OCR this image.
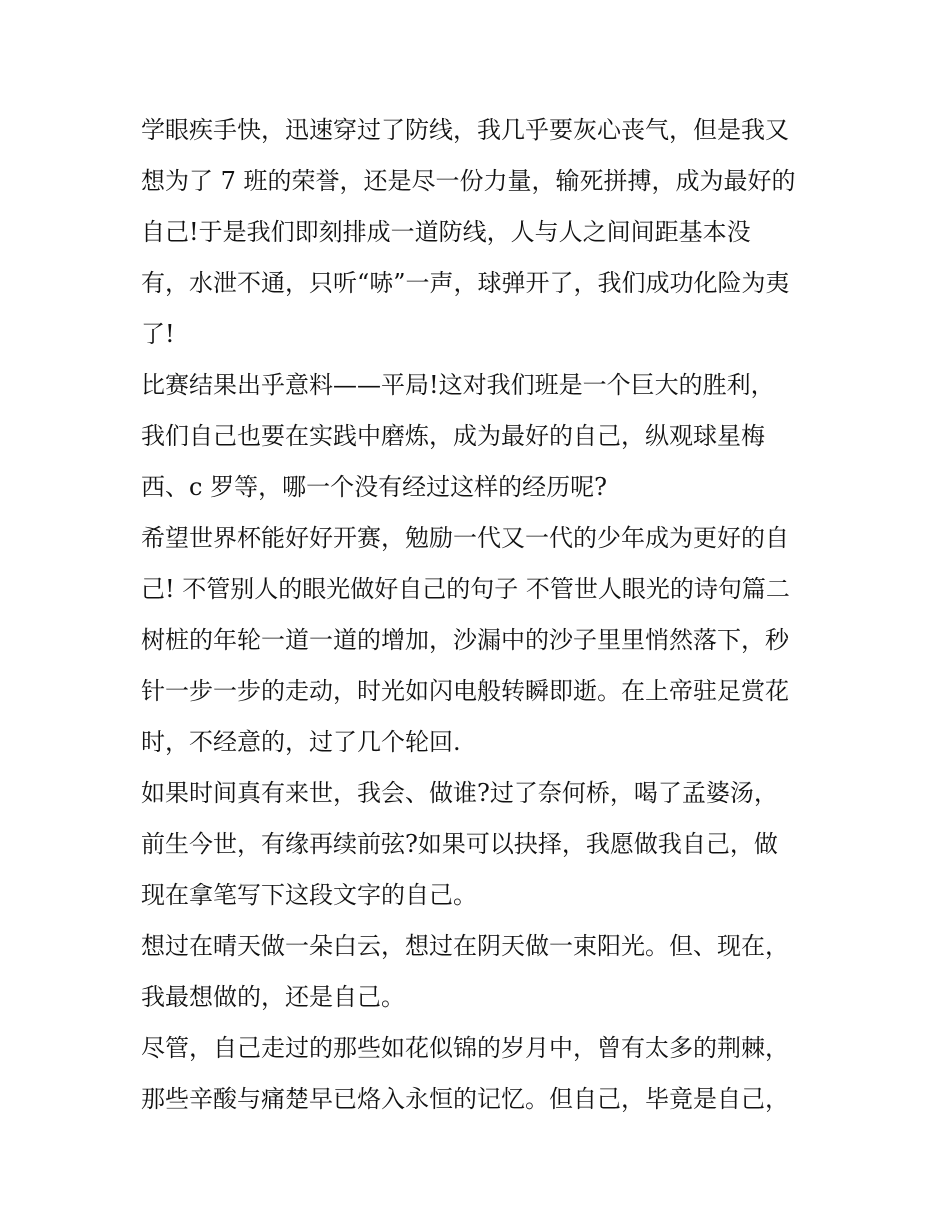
学眼疾手快，迅速穿过了防线，我几乎要灰心丧气，但是我又
想为了 7 班的荣誉，还是尽一份力量，输死拼搏，成为最好的
自己!于是我们即刻排成一道防线，人与人之间间距基本没
有，水泄不通，只听“哧”一声，球弹开了，我们成功化险为夷
了!
比赛结果出乎意料——平局!这对我们班是一个巨大的胜利，
我们自己也要在实践中磨炼，成为最好的自己，纵观球星梅
西、c 罗等，哪一个没有经过这样的经历呢?
希望世界杯能好好开赛，勉励一代又一代的少年成为更好的自
己! 不管别人的眼光做好自己的句子 不管世人眼光的诗句篇二
树桩的年轮一道一道的增加，沙漏中的沙子里里悄然落下，秒
针一步一步的走动，时光如闪电般转瞬即逝。在上帝驻足赏花
时，不经意的，过了几个轮回.
如果时间真有来世，我会、做谁?过了奈何桥，喝了孟婆汤，
前生今世，有缘再续前弦?如果可以抉择，我愿做我自己，做
现在拿笔写下这段文字的自己。
想过在晴天做一朵白云，想过在阴天做一束阳光。但、现在，
我最想做的，还是自己。
尽管，自己走过的那些如花似锦的岁月中，曾有太多的荆棘，
那些辛酸与痛楚早已烙入永恒的记忆。但自己，毕竟是自己，
